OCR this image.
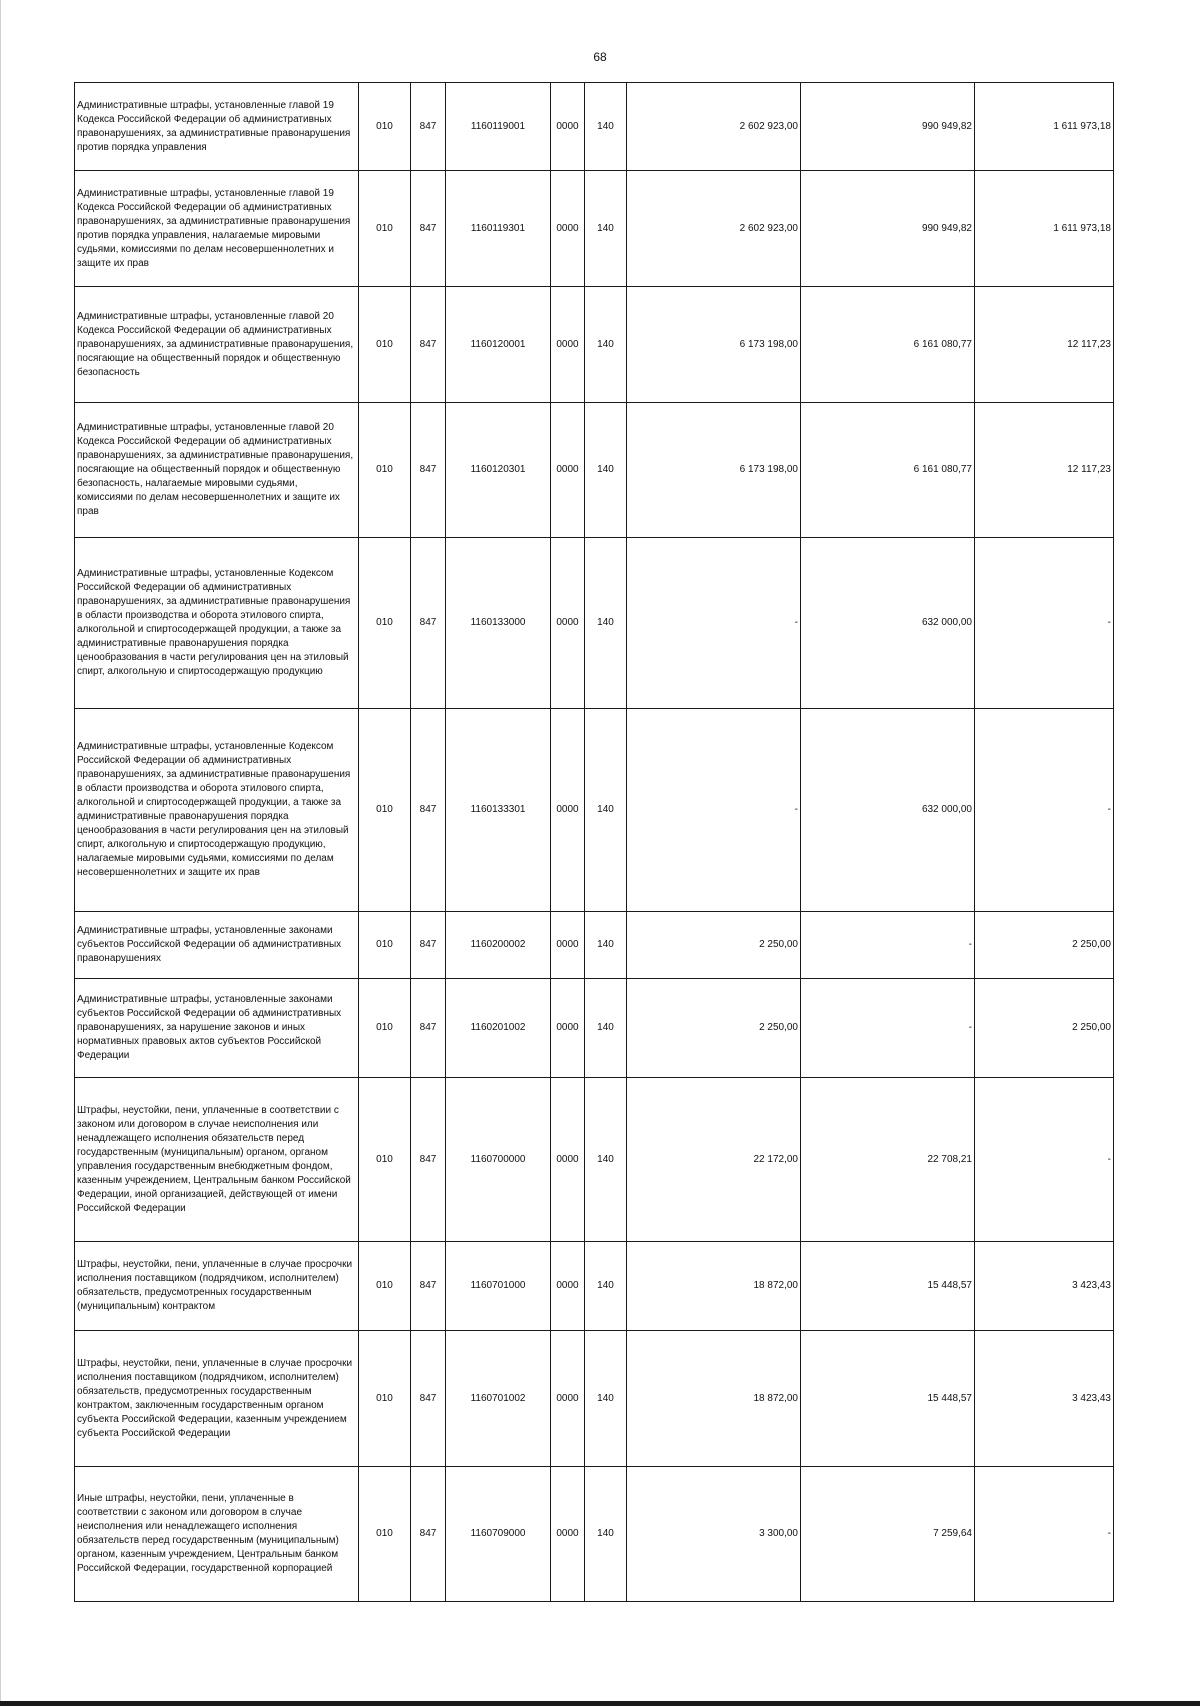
68
Административные штрафы, установленные главой 19 Кодекса Российской Федерации об административных правонарушениях, за административные правонарушения против порядка управления	010	847	1160119001	0000	140	2 602 923,00	990 949,82	1 611 973,18
Административные штрафы, установленные главой 19 Кодекса Российской Федерации об административных правонарушениях, за административные правонарушения против порядка управления, налагаемые мировыми судьями, комиссиями по делам несовершеннолетних и защите их прав	010	847	1160119301	0000	140	2 602 923,00	990 949,82	1 611 973,18
Административные штрафы, установленные главой 20 Кодекса Российской Федерации об административных правонарушениях, за административные правонарушения, посягающие на общественный порядок и общественную безопасность	010	847	1160120001	0000	140	6 173 198,00	6 161 080,77	12 117,23
Административные штрафы, установленные главой 20 Кодекса Российской Федерации об административных правонарушениях, за административные правонарушения, посягающие на общественный порядок и общественную безопасность, налагаемые мировыми судьями, комиссиями по делам несовершеннолетних и защите их прав	010	847	1160120301	0000	140	6 173 198,00	6 161 080,77	12 117,23
Административные штрафы, установленные Кодексом Российской Федерации об административных правонарушениях, за административные правонарушения в области производства и оборота этилового спирта, алкогольной и спиртосодержащей продукции, а также за административные правонарушения порядка ценообразования в части регулирования цен на этиловый спирт, алкогольную и спиртосодержащую продукцию	010	847	1160133000	0000	140	-	632 000,00	-
Административные штрафы, установленные Кодексом Российской Федерации об административных правонарушениях, за административные правонарушения в области производства и оборота этилового спирта, алкогольной и спиртосодержащей продукции, а также за административные правонарушения порядка ценообразования в части регулирования цен на этиловый спирт, алкогольную и спиртосодержащую продукцию, налагаемые мировыми судьями, комиссиями по делам несовершеннолетних и защите их прав	010	847	1160133301	0000	140	-	632 000,00	-
Административные штрафы, установленные законами субъектов Российской Федерации об административных правонарушениях	010	847	1160200002	0000	140	2 250,00	-	2 250,00
Административные штрафы, установленные законами субъектов Российской Федерации об административных правонарушениях, за нарушение законов и иных нормативных правовых актов субъектов Российской Федерации	010	847	1160201002	0000	140	2 250,00	-	2 250,00
Штрафы, неустойки, пени, уплаченные в соответствии с законом или договором в случае неисполнения или ненадлежащего исполнения обязательств перед государственным (муниципальным) органом, органом управления государственным внебюджетным фондом, казенным учреждением, Центральным банком Российской Федерации, иной организацией, действующей от имени Российской Федерации	010	847	1160700000	0000	140	22 172,00	22 708,21	-
Штрафы, неустойки, пени, уплаченные в случае просрочки исполнения поставщиком (подрядчиком, исполнителем) обязательств, предусмотренных государственным (муниципальным) контрактом	010	847	1160701000	0000	140	18 872,00	15 448,57	3 423,43
Штрафы, неустойки, пени, уплаченные в случае просрочки исполнения поставщиком (подрядчиком, исполнителем) обязательств, предусмотренных государственным контрактом, заключенным государственным органом субъекта Российской Федерации, казенным учреждением субъекта Российской Федерации	010	847	1160701002	0000	140	18 872,00	15 448,57	3 423,43
Иные штрафы, неустойки, пени, уплаченные в соответствии с законом или договором в случае неисполнения или ненадлежащего исполнения обязательств перед государственным (муниципальным) органом, казенным учреждением, Центральным банком Российской Федерации, государственной корпорацией	010	847	1160709000	0000	140	3 300,00	7 259,64	-
